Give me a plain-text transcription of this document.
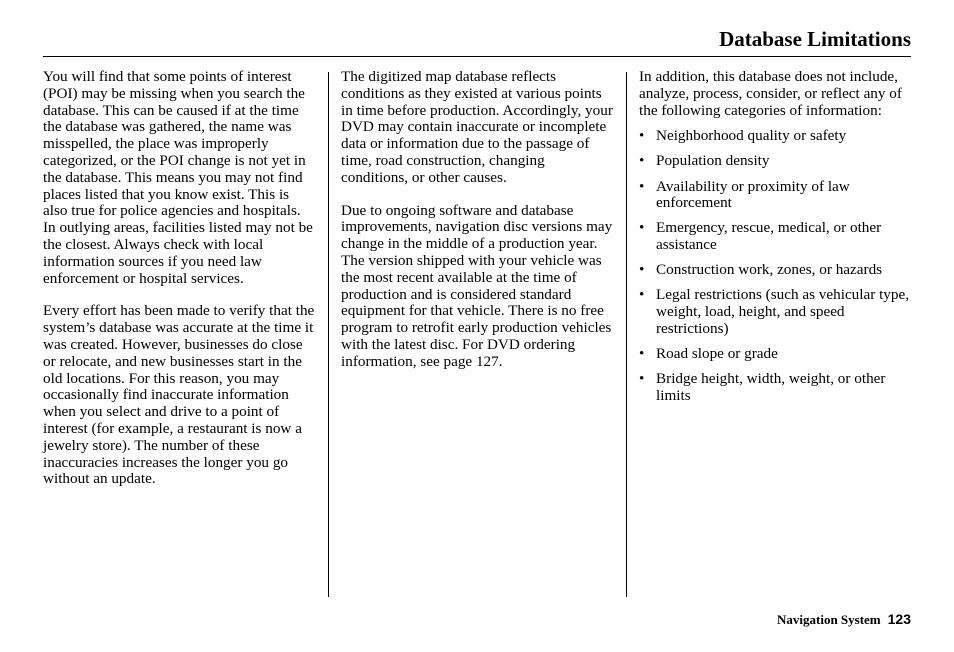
Database Limitations

You will find that some points of interest (POI) may be missing when you search the database. This can be caused if at the time the database was gathered, the name was misspelled, the place was improperly categorized, or the POI change is not yet in the database. This means you may not find places listed that you know exist. This is also true for police agencies and hospitals. In outlying areas, facilities listed may not be the closest. Always check with local information sources if you need law enforcement or hospital services.

Every effort has been made to verify that the system’s database was accurate at the time it was created. However, businesses do close or relocate, and new businesses start in the old locations. For this reason, you may occasionally find inaccurate information when you select and drive to a point of interest (for example, a restaurant is now a jewelry store). The number of these inaccuracies increases the longer you go without an update.

The digitized map database reflects conditions as they existed at various points in time before production. Accordingly, your DVD may contain inaccurate or incomplete data or information due to the passage of time, road construction, changing conditions, or other causes.

Due to ongoing software and database improvements, navigation disc versions may change in the middle of a production year. The version shipped with your vehicle was the most recent available at the time of production and is considered standard equipment for that vehicle. There is no free program to retrofit early production vehicles with the latest disc. For DVD ordering information, see page 127.

In addition, this database does not include, analyze, process, consider, or reflect any of the following categories of information:

• Neighborhood quality or safety
• Population density
• Availability or proximity of law enforcement
• Emergency, rescue, medical, or other assistance
• Construction work, zones, or hazards
• Legal restrictions (such as vehicular type, weight, load, height, and speed restrictions)
• Road slope or grade
• Bridge height, width, weight, or other limits
Navigation System 123
